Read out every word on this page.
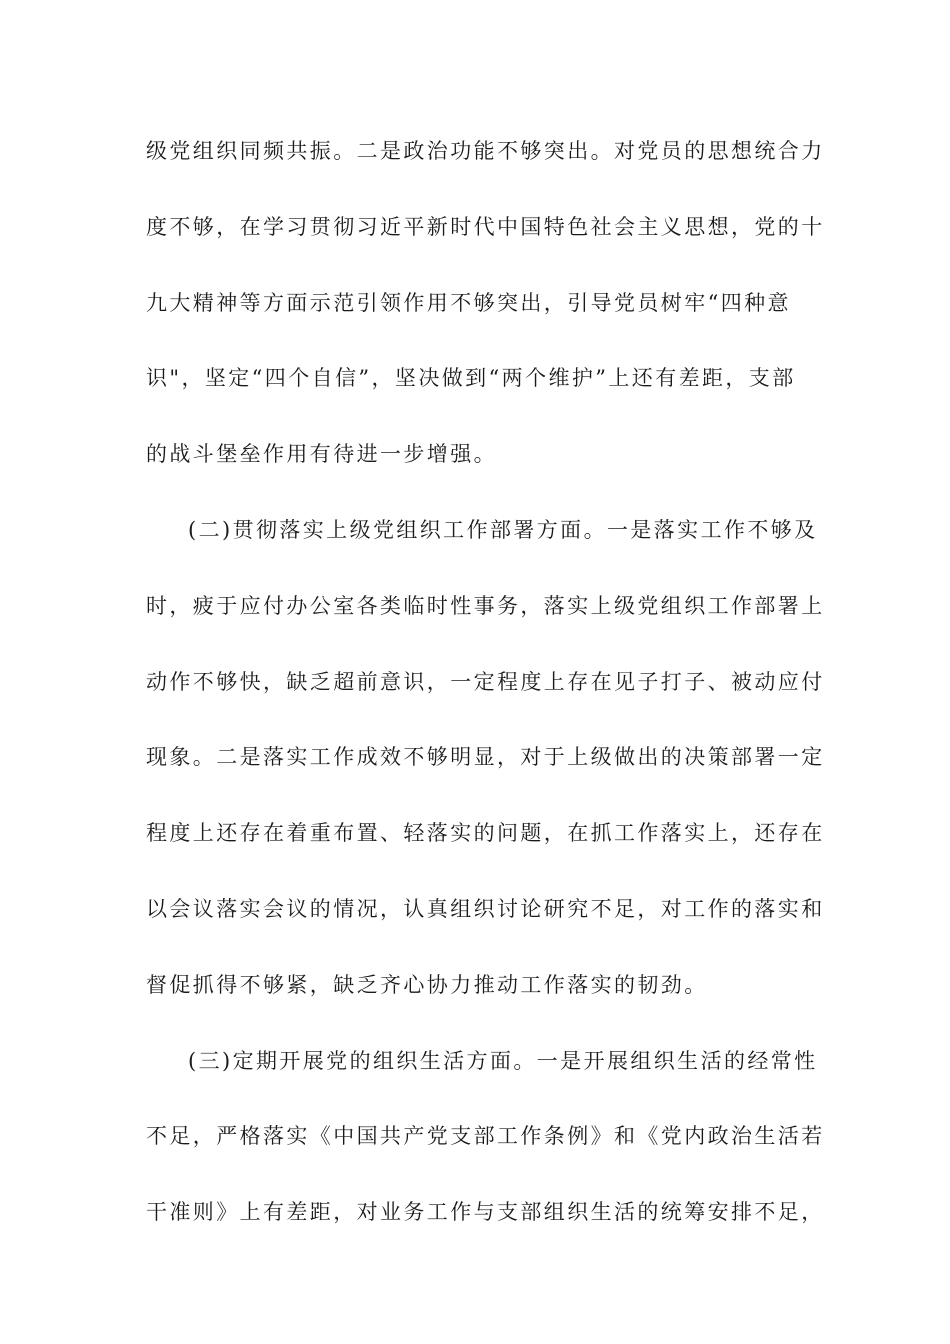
级党组织同频共振。二是政治功能不够突出。对党员的思想统合力
度不够，在学习贯彻习近平新时代中国特色社会主义思想，党的十
九大精神等方面示范引领作用不够突出，引导党员树牢“四种意
识"，坚定“四个自信”，坚决做到“两个维护”上还有差距，支部
的战斗堡垒作用有待进一步增强。
(二)贯彻落实上级党组织工作部署方面。一是落实工作不够及
时，疲于应付办公室各类临时性事务，落实上级党组织工作部署上
动作不够快，缺乏超前意识，一定程度上存在见子打子、被动应付
现象。二是落实工作成效不够明显，对于上级做出的决策部署一定
程度上还存在着重布置、轻落实的问题，在抓工作落实上，还存在
以会议落实会议的情况，认真组织讨论研究不足，对工作的落实和
督促抓得不够紧，缺乏齐心协力推动工作落实的韧劲。
(三)定期开展党的组织生活方面。一是开展组织生活的经常性
不足，严格落实《中国共产党支部工作条例》和《党内政治生活若
干准则》上有差距，对业务工作与支部组织生活的统筹安排不足，
